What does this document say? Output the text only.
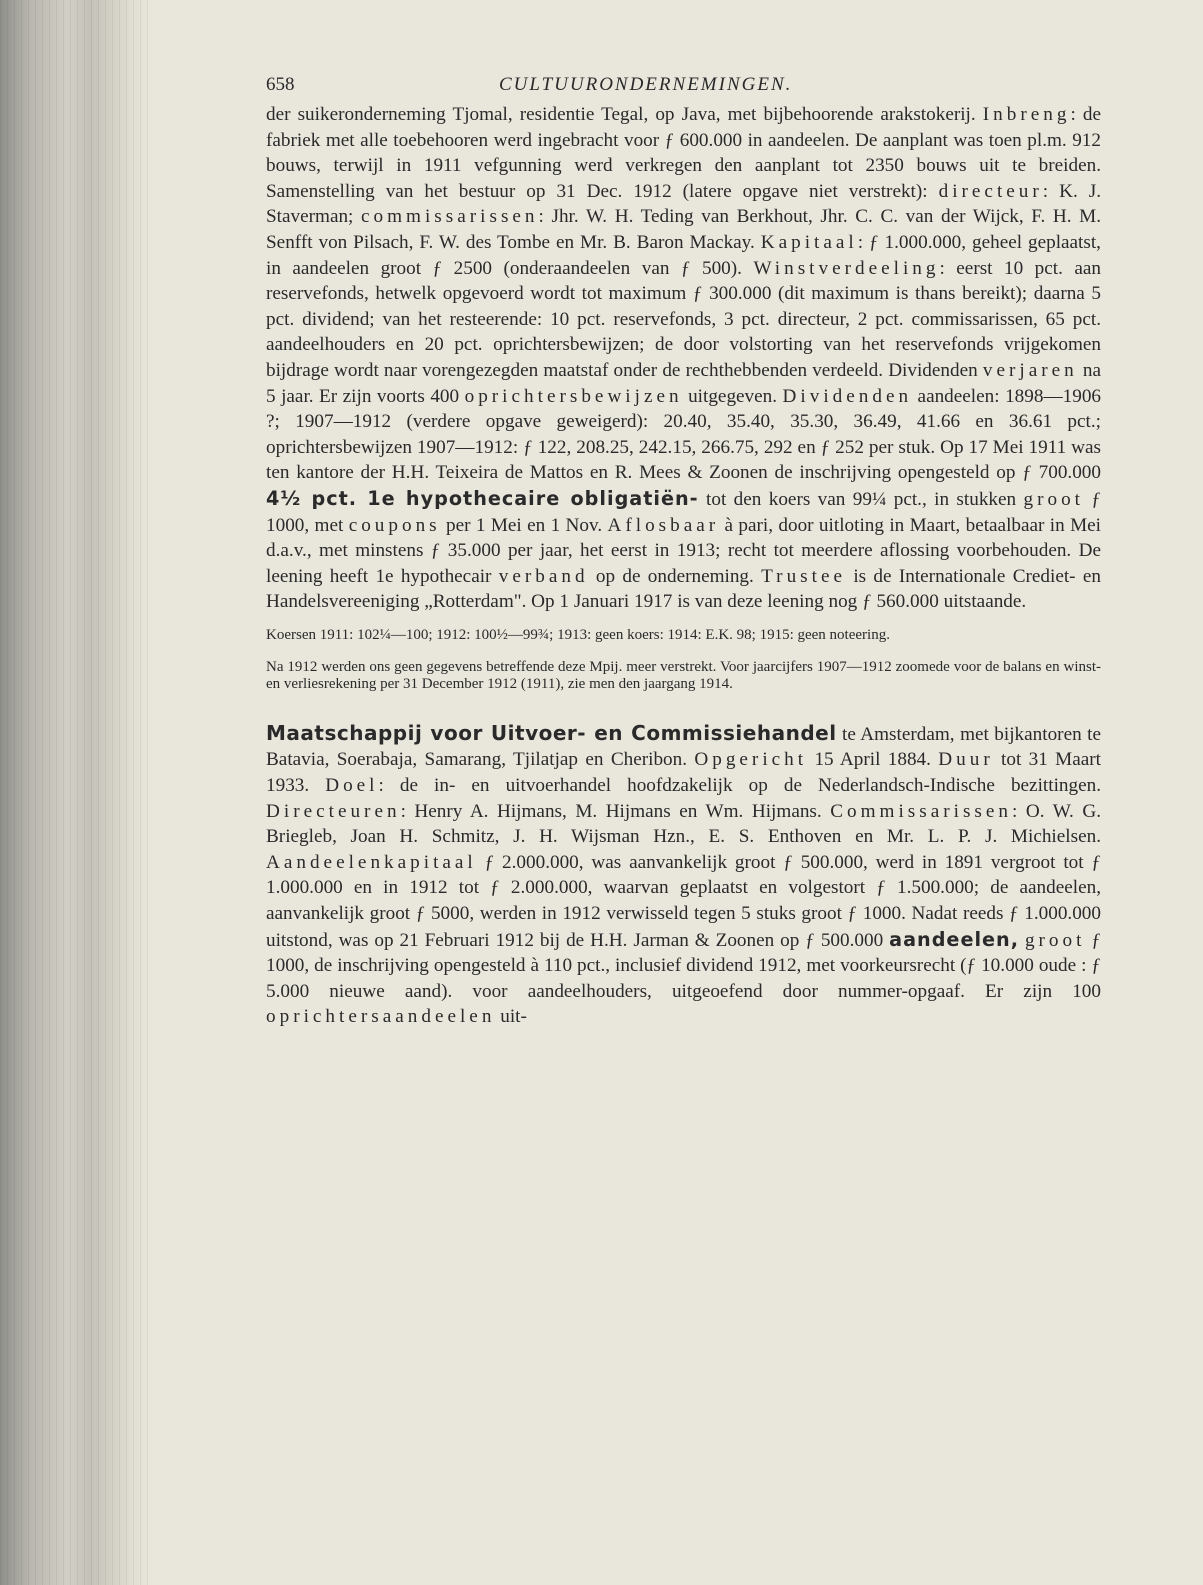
658	CULTUURONDERNEMINGEN.

der suikeronderneming Tjomal, residentie Tegal, op Java, met bijbehoorende arakstokerij. Inbreng: de fabriek met alle toebehooren werd ingebracht voor ƒ 600.000 in aandeelen. De aanplant was toen pl.m. 912 bouws, terwijl in 1911 vefgunning werd verkregen den aanplant tot 2350 bouws uit te breiden. Samenstelling van het bestuur op 31 Dec. 1912 (latere opgave niet verstrekt): directeur: K. J. Staverman; commissarissen: Jhr. W. H. Teding van Berkhout, Jhr. C. C. van der Wijck, F. H. M. Senfft von Pilsach, F. W. des Tombe en Mr. B. Baron Mackay. Kapitaal: ƒ 1.000.000, geheel geplaatst, in aandeelen groot ƒ 2500 (onderaandeelen van ƒ 500). Winstverdeeling: eerst 10 pct. aan reservefonds, hetwelk opgevoerd wordt tot maximum ƒ 300.000 (dit maximum is thans bereikt); daarna 5 pct. dividend; van het resteerende: 10 pct. reservefonds, 3 pct. directeur, 2 pct. commissarissen, 65 pct. aandeelhouders en 20 pct. oprichtersbewijzen; de door volstorting van het reservefonds vrijgekomen bijdrage wordt naar vorengezegden maatstaf onder de rechthebbenden verdeeld. Dividenden verjaren na 5 jaar. Er zijn voorts 400 oprichtersbewijzen uitgegeven. Dividenden aandeelen: 1898—1906 ?; 1907—1912 (verdere opgave geweigerd): 20.40, 35.40, 35.30, 36.49, 41.66 en 36.61 pct.; oprichtersbewijzen 1907—1912: ƒ 122, 208.25, 242.15, 266.75, 292 en ƒ 252 per stuk. Op 17 Mei 1911 was ten kantore der H.H. Teixeira de Mattos en R. Mees & Zoonen de inschrijving opengesteld op ƒ 700.000 4½ pct. 1e hypothecaire obligatiën- tot den koers van 99¼ pct., in stukken groot ƒ 1000, met coupons per 1 Mei en 1 Nov. Aflosbaar à pari, door uitloting in Maart, betaalbaar in Mei d.a.v., met minstens ƒ 35.000 per jaar, het eerst in 1913; recht tot meerdere aflossing voorbehouden. De leening heeft 1e hypothecair verband op de onderneming. Trustee is de Internationale Crediet- en Handelsvereeniging „Rotterdam". Op 1 Januari 1917 is van deze leening nog ƒ 560.000 uitstaande.

Koersen 1911: 102¼—100; 1912: 100½—99¾; 1913: geen koers: 1914: E.K. 98; 1915: geen noteering.

Na 1912 werden ons geen gegevens betreffende deze Mpij. meer verstrekt. Voor jaarcijfers 1907—1912 zoomede voor de balans en winst- en verliesrekening per 31 December 1912 (1911), zie men den jaargang 1914.

Maatschappij voor Uitvoer- en Commissiehandel te Amsterdam, met bijkantoren te Batavia, Soerabaja, Samarang, Tjilatjap en Cheribon. Opgericht 15 April 1884. Duur tot 31 Maart 1933. Doel: de in- en uitvoerhandel hoofdzakelijk op de Nederlandsch-Indische bezittingen. Directeuren: Henry A. Hijmans, M. Hijmans en Wm. Hijmans. Commissarissen: O. W. G. Briegleb, Joan H. Schmitz, J. H. Wijsman Hzn., E. S. Enthoven en Mr. L. P. J. Michielsen. Aandeelenkapitaal ƒ 2.000.000, was aanvankelijk groot ƒ 500.000, werd in 1891 vergroot tot ƒ 1.000.000 en in 1912 tot ƒ 2.000.000, waarvan geplaatst en volgestort ƒ 1.500.000; de aandeelen, aanvankelijk groot ƒ 5000, werden in 1912 verwisseld tegen 5 stuks groot ƒ 1000. Nadat reeds ƒ 1.000.000 uitstond, was op 21 Februari 1912 bij de H.H. Jarman & Zoonen op ƒ 500.000 aandeelen, groot ƒ 1000, de inschrijving opengesteld à 110 pct., inclusief dividend 1912, met voorkeursrecht (ƒ 10.000 oude : ƒ 5.000 nieuwe aand). voor aandeelhouders, uitgeoefend door nummer-opgaaf. Er zijn 100 oprichtersaandeelen uit-
